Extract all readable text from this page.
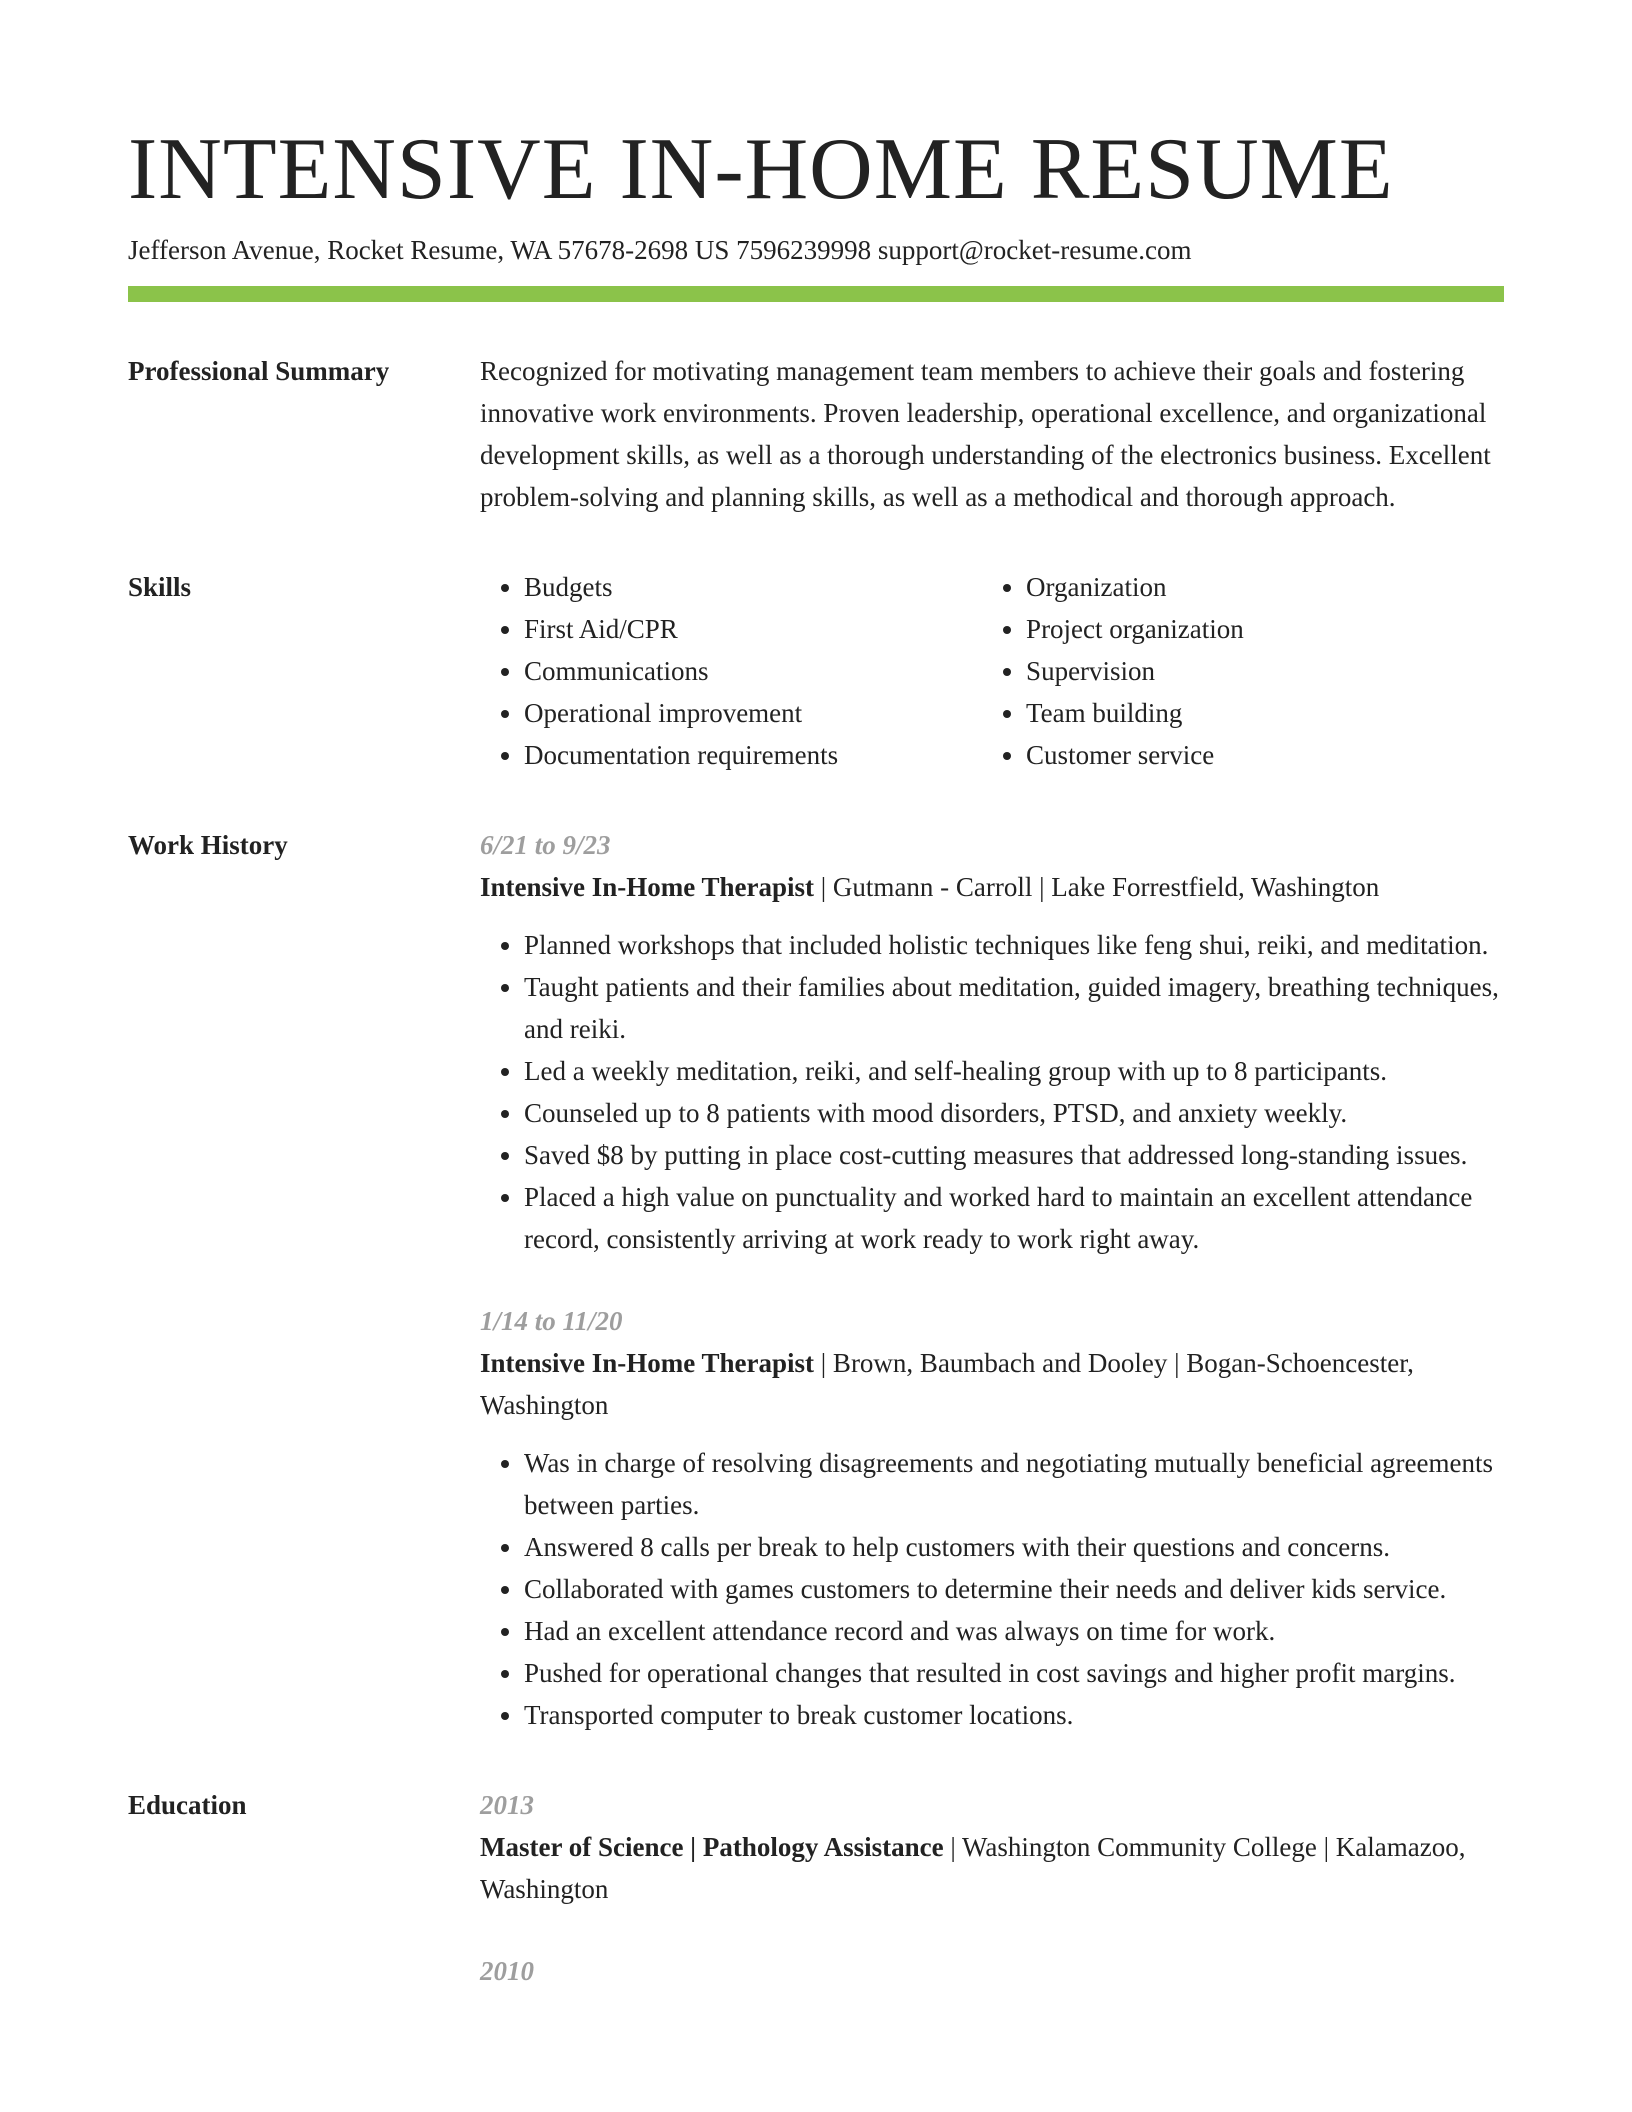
INTENSIVE IN-HOME RESUME
Jefferson Avenue, Rocket Resume, WA 57678-2698 US 7596239998 support@rocket-resume.com
Professional Summary	Recognized for motivating management team members to achieve their goals and fostering innovative work environments. Proven leadership, operational excellence, and organizational development skills, as well as a thorough understanding of the electronics business. Excellent problem-solving and planning skills, as well as a methodical and thorough approach.

Skills
•	Budgets
• First Aid/CPR
• Communications
• Operational improvement
• Documentation requirements
• Organization
• Project organization
• Supervision
• Team building
• Customer service
Work History	6/21 to 9/23

Intensive In-Home Therapist | Gutmann - Carroll | Lake Forrestfield, Washington

• Planned workshops that included holistic techniques like feng shui, reiki, and meditation.
• Taught patients and their families about meditation, guided imagery, breathing techniques, and reiki.
• Led a weekly meditation, reiki, and self-healing group with up to 8 participants.
• Counseled up to 8 patients with mood disorders, PTSD, and anxiety weekly.
• Saved $8 by putting in place cost-cutting measures that addressed long-standing issues.
• Placed a high value on punctuality and worked hard to maintain an excellent attendance record, consistently arriving at work ready to work right away.
1/14 to 11/20

Intensive In-Home Therapist | Brown, Baumbach and Dooley | Bogan-Schoencester, Washington

• Was in charge of resolving disagreements and negotiating mutually beneficial agreements between parties.
• Answered 8 calls per break to help customers with their questions and concerns.
• Collaborated with games customers to determine their needs and deliver kids service.
• Had an excellent attendance record and was always on time for work.
• Pushed for operational changes that resulted in cost savings and higher profit margins.
• Transported computer to break customer locations.
Education	2013

Master of Science | Pathology Assistance | Washington Community College | Kalamazoo, Washington

2010
